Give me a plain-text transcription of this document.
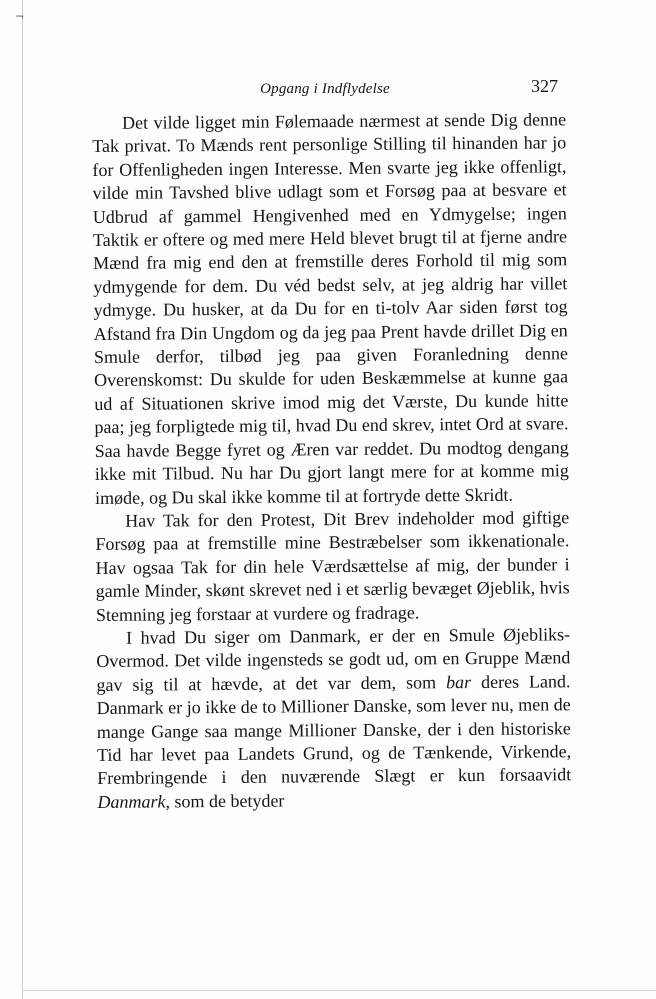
¬
Opgang i Indflydelse	327

Det vilde ligget min Følemaade nærmest at sende Dig denne Tak privat. To Mænds rent personlige Stilling til hinanden har jo for Offenligheden ingen Interesse. Men svarte jeg ikke offenligt, vilde min Tavshed blive udlagt som et Forsøg paa at besvare et Udbrud af gammel Hengivenhed med en Ydmygelse; ingen Taktik er oftere og med mere Held blevet brugt til at fjerne andre Mænd fra mig end den at fremstille deres Forhold til mig som ydmygende for dem. Du véd bedst selv, at jeg aldrig har villet ydmyge. Du husker, at da Du for en ti-tolv Aar siden først tog Afstand fra Din Ungdom og da jeg paa Prent havde drillet Dig en Smule derfor, tilbød jeg paa given Foranledning denne Overenskomst: Du skulde for uden Beskæmmelse at kunne gaa ud af Situationen skrive imod mig det Værste, Du kunde hitte paa; jeg forpligtede mig til, hvad Du end skrev, intet Ord at svare. Saa havde Begge fyret og Æren var reddet. Du modtog dengang ikke mit Tilbud. Nu har Du gjort langt mere for at komme mig imøde, og Du skal ikke komme til at fortryde dette Skridt.

Hav Tak for den Protest, Dit Brev indeholder mod giftige Forsøg paa at fremstille mine Bestræbelser som ikkenationale. Hav ogsaa Tak for din hele Værdsættelse af mig, der bunder i gamle Minder, skønt skrevet ned i et særlig bevæget Øjeblik, hvis Stemning jeg forstaar at vurdere og fradrage.

I hvad Du siger om Danmark, er der en Smule Øjebliks-Overmod. Det vilde ingensteds se godt ud, om en Gruppe Mænd gav sig til at hævde, at det var dem, som bar deres Land. Danmark er jo ikke de to Millioner Danske, som lever nu, men de mange Gange saa mange Millioner Danske, der i den historiske Tid har levet paa Landets Grund, og de Tænkende, Virkende, Frembringende i den nuværende Slægt er kun forsaavidt Danmark, som de betyder
